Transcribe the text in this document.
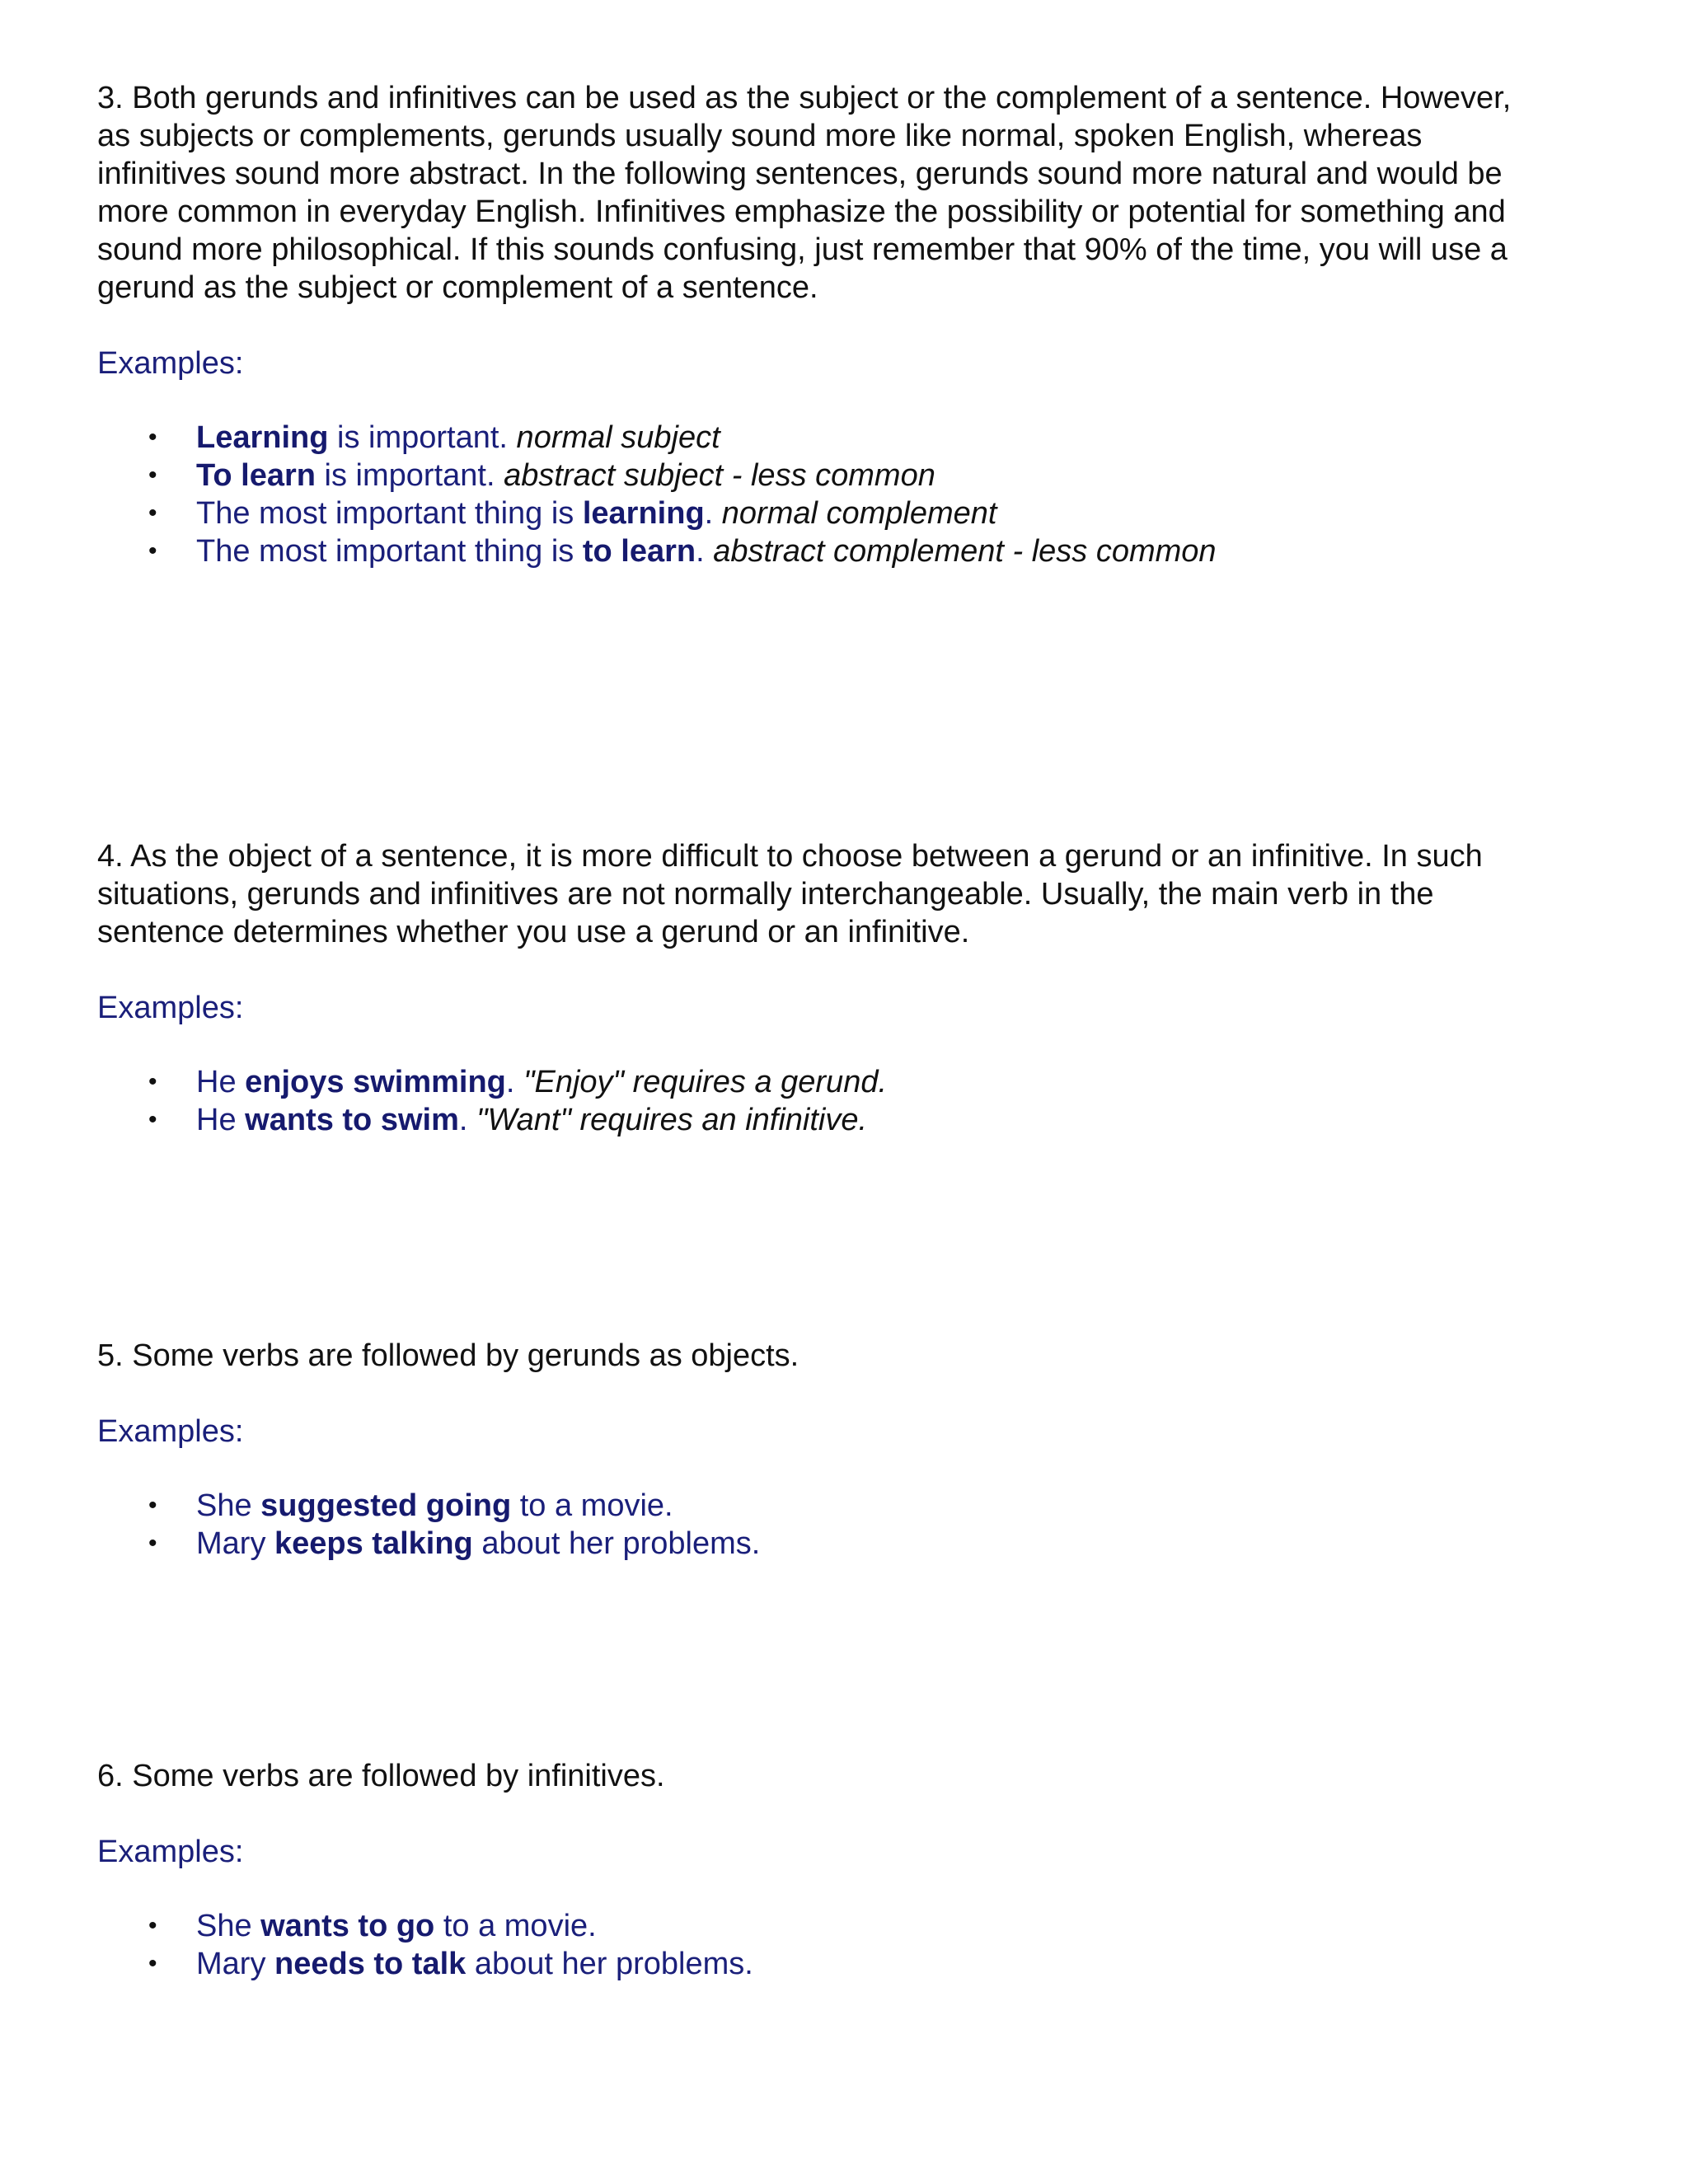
3. Both gerunds and infinitives can be used as the subject or the complement of a sentence. However,
as subjects or complements, gerunds usually sound more like normal, spoken English, whereas
infinitives sound more abstract. In the following sentences, gerunds sound more natural and would be
more common in everyday English. Infinitives emphasize the possibility or potential for something and
sound more philosophical. If this sounds confusing, just remember that 90% of the time, you will use a
gerund as the subject or complement of a sentence.

Examples:

• Learning is important. normal subject
• To learn is important. abstract subject - less common
• The most important thing is learning. normal complement
• The most important thing is to learn. abstract complement - less common

4. As the object of a sentence, it is more difficult to choose between a gerund or an infinitive. In such
situations, gerunds and infinitives are not normally interchangeable. Usually, the main verb in the
sentence determines whether you use a gerund or an infinitive.

Examples:

• He enjoys swimming. "Enjoy" requires a gerund.
• He wants to swim. "Want" requires an infinitive.

5. Some verbs are followed by gerunds as objects.

Examples:

• She suggested going to a movie.
• Mary keeps talking about her problems.

6. Some verbs are followed by infinitives.

Examples:

• She wants to go to a movie.
• Mary needs to talk about her problems.
